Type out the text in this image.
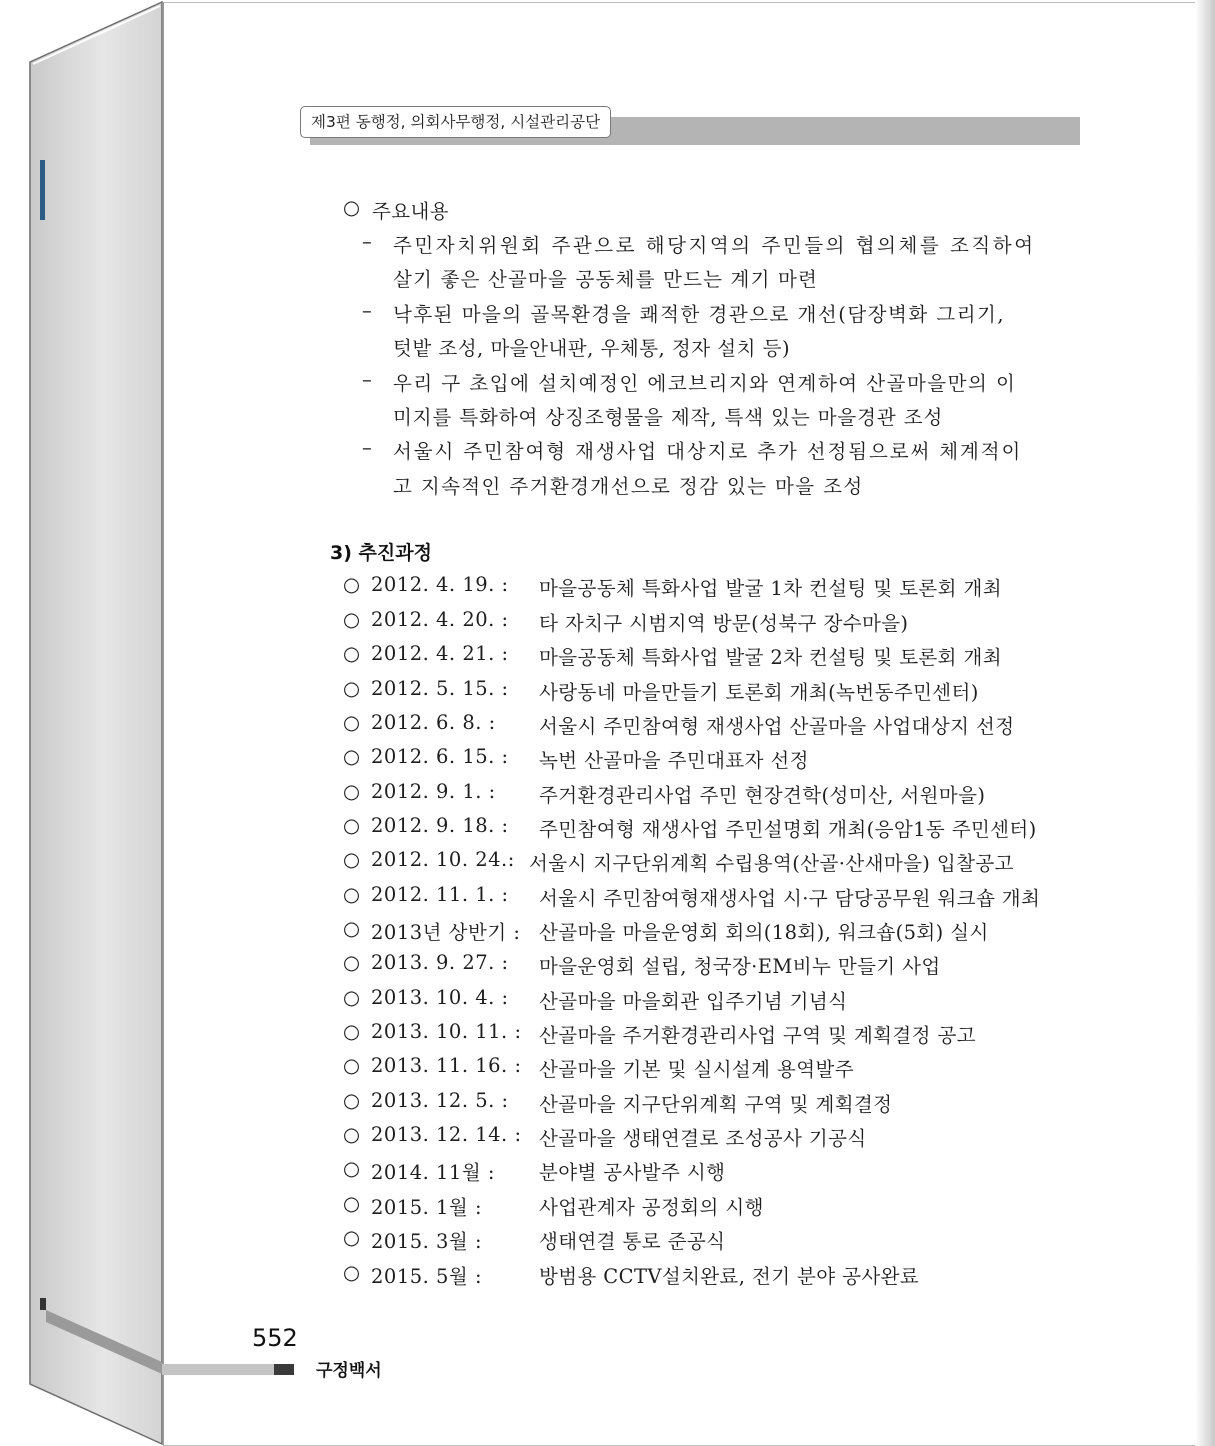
제3편 동행정, 의회사무행정, 시설관리공단
○ 주요내용
– 주민자치위원회 주관으로 해당지역의 주민들의 협의체를 조직하여
살기 좋은 산골마을 공동체를 만드는 계기 마련
– 낙후된 마을의 골목환경을 쾌적한 경관으로 개선(담장벽화 그리기,
텃밭 조성, 마을안내판, 우체통, 정자 설치 등)
– 우리 구 초입에 설치예정인 에코브리지와 연계하여 산골마을만의 이
미지를 특화하여 상징조형물을 제작, 특색 있는 마을경관 조성
– 서울시 주민참여형 재생사업 대상지로 추가 선정됨으로써 체계적이
고 지속적인 주거환경개선으로 정감 있는 마을 조성
3) 추진과정
○ 2012. 4. 19. : 마을공동체 특화사업 발굴 1차 컨설팅 및 토론회 개최
○ 2012. 4. 20. : 타 자치구 시범지역 방문(성북구 장수마을)
○ 2012. 4. 21. : 마을공동체 특화사업 발굴 2차 컨설팅 및 토론회 개최
○ 2012. 5. 15. : 사랑동네 마을만들기 토론회 개최(녹번동주민센터)
○ 2012. 6. 8. : 서울시 주민참여형 재생사업 산골마을 사업대상지 선정
○ 2012. 6. 15. : 녹번 산골마을 주민대표자 선정
○ 2012. 9. 1. : 주거환경관리사업 주민 현장견학(성미산, 서원마을)
○ 2012. 9. 18. : 주민참여형 재생사업 주민설명회 개최(응암1동 주민센터)
○ 2012. 10. 24.: 서울시 지구단위계획 수립용역(산골·산새마을) 입찰공고
○ 2012. 11. 1. : 서울시 주민참여형재생사업 시·구 담당공무원 워크숍 개최
○ 2013년 상반기 : 산골마을 마을운영회 회의(18회), 워크숍(5회) 실시
○ 2013. 9. 27. : 마을운영회 설립, 청국장·EM비누 만들기 사업
○ 2013. 10. 4. : 산골마을 마을회관 입주기념 기념식
○ 2013. 10. 11. : 산골마을 주거환경관리사업 구역 및 계획결정 공고
○ 2013. 11. 16. : 산골마을 기본 및 실시설계 용역발주
○ 2013. 12. 5. : 산골마을 지구단위계획 구역 및 계획결정
○ 2013. 12. 14. : 산골마을 생태연결로 조성공사 기공식
○ 2014. 11월 : 분야별 공사발주 시행
○ 2015. 1월 :	사업관계자 공정회의 시행
○ 2015. 3월 :	생태연결 통로 준공식
○ 2015. 5월 :	방범용 CCTV설치완료, 전기 분야 공사완료
552
구정백서
